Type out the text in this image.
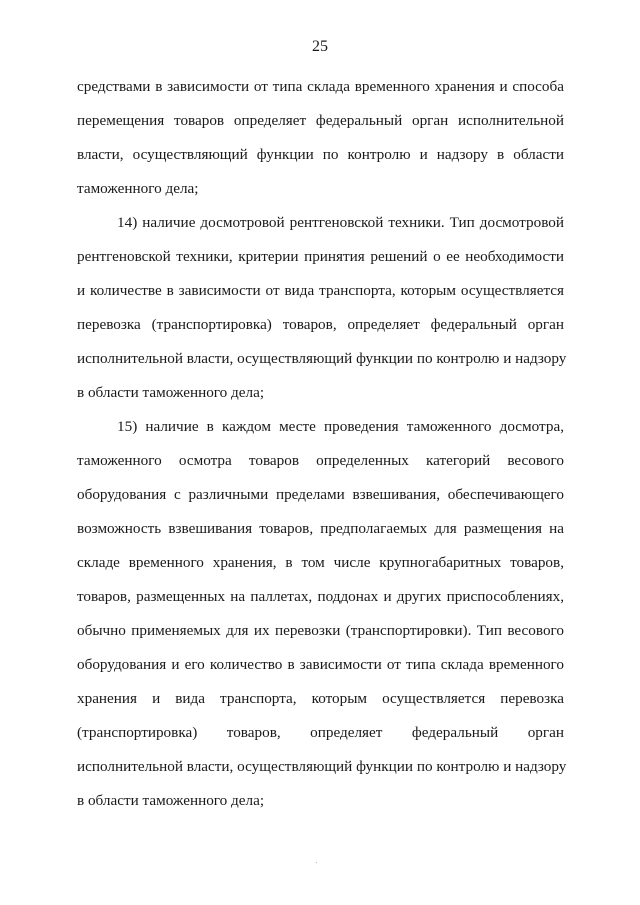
25
средствами в зависимости от типа склада временного хранения и способа
перемещения товаров определяет федеральный орган исполнительной
власти, осуществляющий функции по контролю и надзору в области
таможенного дела;
14) наличие досмотровой рентгеновской техники. Тип досмотровой
рентгеновской техники, критерии принятия решений о ее необходимости
и количестве в зависимости от вида транспорта, которым осуществляется
перевозка (транспортировка) товаров, определяет федеральный орган
исполнительной власти, осуществляющий функции по контролю и надзору
в области таможенного дела;
15) наличие в каждом месте проведения таможенного досмотра,
таможенного осмотра товаров определенных категорий весового
оборудования с различными пределами взвешивания, обеспечивающего
возможность взвешивания товаров, предполагаемых для размещения на
складе временного хранения, в том числе крупногабаритных товаров,
товаров, размещенных на паллетах, поддонах и других приспособлениях,
обычно применяемых для их перевозки (транспортировки). Тип весового
оборудования и его количество в зависимости от типа склада временного
хранения и вида транспорта, которым осуществляется перевозка
(транспортировка) товаров, определяет федеральный орган
исполнительной власти, осуществляющий функции по контролю и надзору
в области таможенного дела;
